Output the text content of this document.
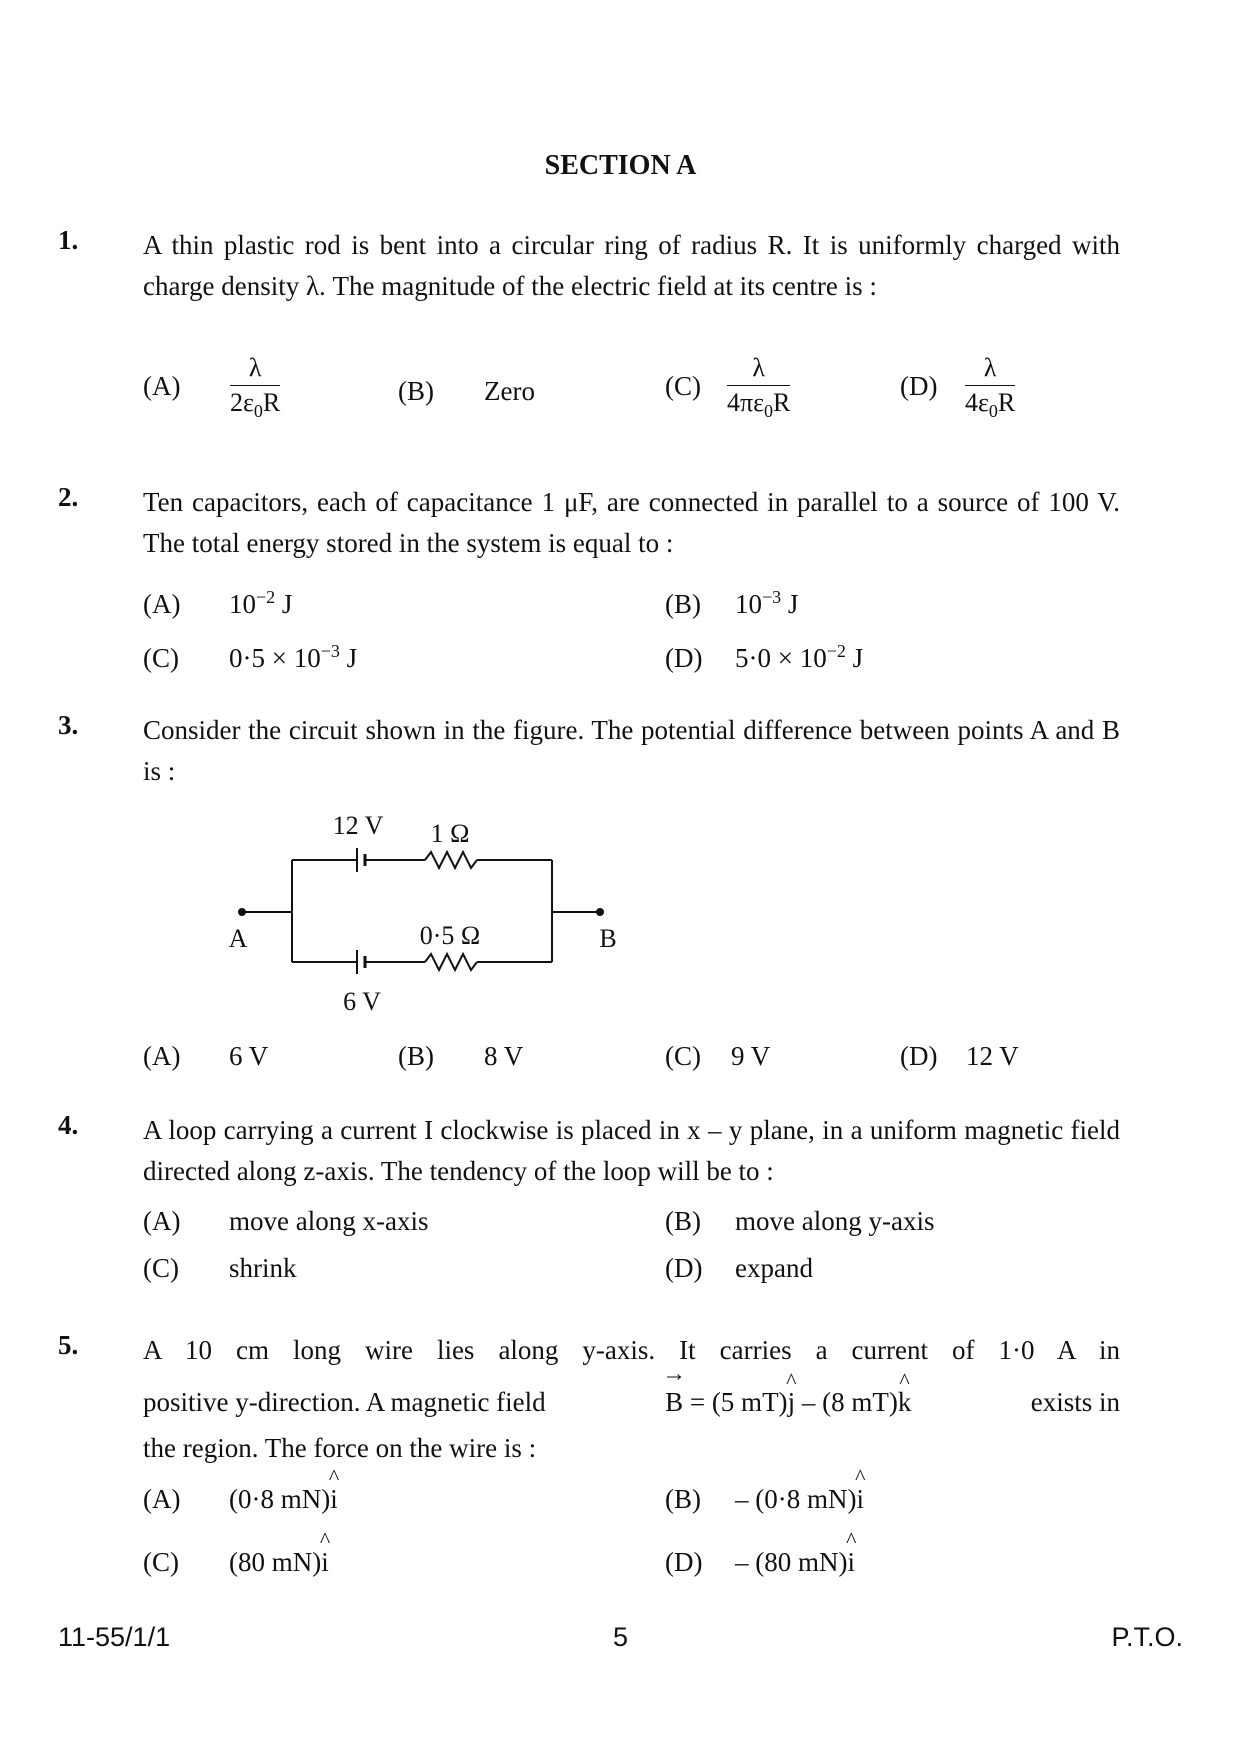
SECTION A
1. A thin plastic rod is bent into a circular ring of radius R. It is uniformly charged with charge density λ. The magnitude of the electric field at its centre is :
(A)	$\frac{\lambda}{2\varepsilon_0R}$	(B) Zero	(C)	$\frac{\lambda}{4\pi\varepsilon_0R}$	(D)	$\frac{\lambda}{4\varepsilon_0R}$
2. Ten capacitors, each of capacitance 1 μF, are connected in parallel to a source of 100 V. The total energy stored in the system is equal to :
(A) $10^{-2}$ J	(B) $10^{-3}$ J
(C) $0\cdot 5 \times 10^{-3}$ J	(D) $5\cdot 0 \times 10^{-2}$ J
3. Consider the circuit shown in the figure. The potential difference between points A and B is :
12 V 1 Ω
6 V
0·5 Ω
A	B
(A) 6 V	(B) 8 V	(C) 9 V	(D) 12 V
4. A loop carrying a current I clockwise is placed in x – y plane, in a uniform magnetic field directed along z-axis. The tendency of the loop will be to :
(A) move along x-axis	(B) move along y-axis
(C) shrink	(D) expand
5. A 10 cm long wire lies along y-axis. It carries a current of 1·0 A in
positive y-direction. A magnetic field
→	B = (5 mT)^ j – (8 mT)^ k	exists in
the region. The force on the wire is :
(A) (0·8 mN)^ i	(B) – (0·8 mN)^ i
(C) (80 mN)^ i	(D) – (80 mN)^ i
11-55/1/1	5	P.T.O.
